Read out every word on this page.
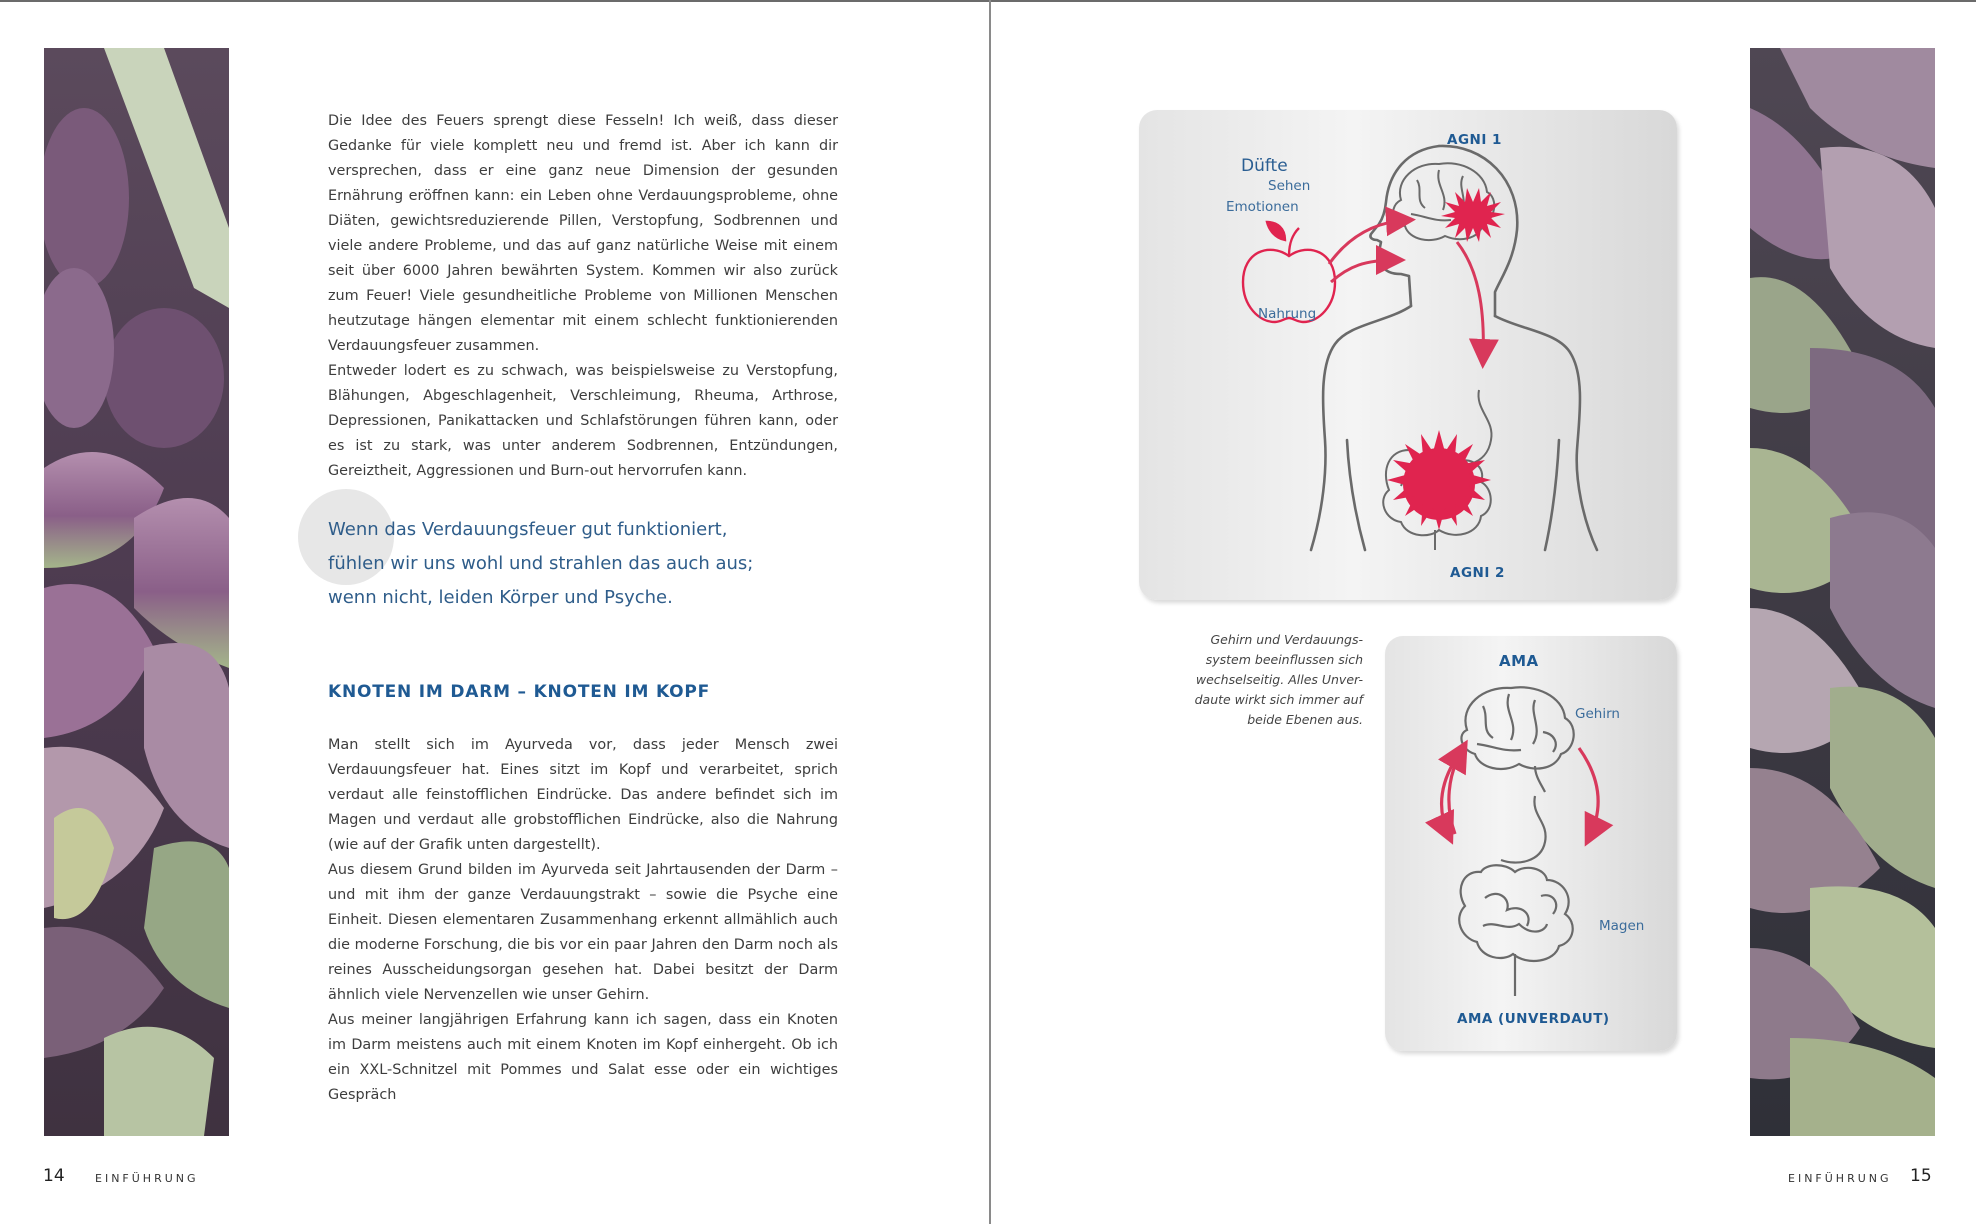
Die Idee des Feuers sprengt diese Fesseln! Ich weiß, dass dieser Gedanke für viele komplett neu und fremd ist. Aber ich kann dir versprechen, dass er eine ganz neue Dimension der gesunden Ernährung eröffnen kann: ein Leben ohne Verdauungsprobleme, ohne Diäten, gewichtsreduzierende Pillen, Verstopfung, Sodbrennen und viele andere Probleme, und das auf ganz natürliche Weise mit einem seit über 6000 Jahren bewährten System. Kommen wir also zurück zum Feuer! Viele gesundheitliche Probleme von Millionen Menschen heutzutage hängen elementar mit einem schlecht funktionierenden Verdauungsfeuer zusammen.

Entweder lodert es zu schwach, was beispielsweise zu Verstopfung, Blähungen, Abgeschlagenheit, Verschleimung, Rheuma, Arthrose, Depressionen, Panikattacken und Schlafstörungen führen kann, oder es ist zu stark, was unter anderem Sodbrennen, Entzündungen, Gereiztheit, Aggressionen und Burn-out hervorrufen kann.

Wenn das Verdauungsfeuer gut funktioniert,
fühlen wir uns wohl und strahlen das auch aus;
wenn nicht, leiden Körper und Psyche.
KNOTEN IM DARM – KNOTEN IM KOPF

Man stellt sich im Ayurveda vor, dass jeder Mensch zwei Verdauungsfeuer hat. Eines sitzt im Kopf und verarbeitet, sprich verdaut alle feinstofflichen Eindrücke. Das andere befindet sich im Magen und verdaut alle grobstofflichen Eindrücke, also die Nahrung (wie auf der Grafik unten dargestellt).

Aus diesem Grund bilden im Ayurveda seit Jahrtausenden der Darm – und mit ihm der ganze Verdauungstrakt – sowie die Psyche eine Einheit. Diesen elementaren Zusammenhang erkennt allmählich auch die moderne Forschung, die bis vor ein paar Jahren den Darm noch als reines Ausscheidungsorgan gesehen hat. Dabei besitzt der Darm ähnlich viele Nervenzellen wie unser Gehirn.

Aus meiner langjährigen Erfahrung kann ich sagen, dass ein Knoten im Darm meistens auch mit einem Knoten im Kopf einhergeht. Ob ich ein XXL-Schnitzel mit Pommes und Salat esse oder ein wichtiges Gespräch

14	EINFÜHRUNG
AGNI 1
Düfte
Sehen
Emotionen
Nahrung
AGNI 2
Gehirn und Verdauungs-
system beeinflussen sich
wechselseitig. Alles Unver-
daute wirkt sich immer auf
beide Ebenen aus.
AMA
Gehirn
Magen
AMA (UNVERDAUT)
EINFÜHRUNG 15
